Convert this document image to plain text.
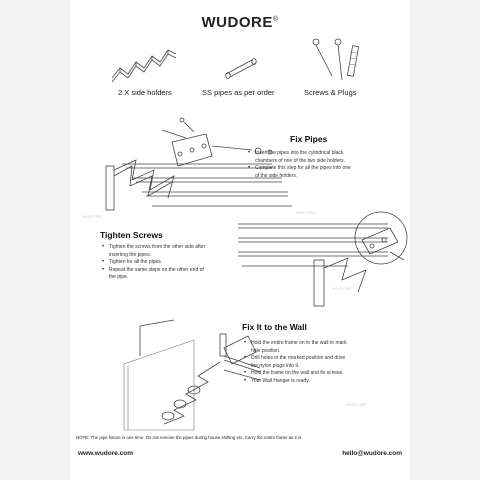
WUDORE®
2 X side holders	SS pipes as per order	Screws & Plugs
Fix Pipes
• Insert the pipes into the cylindrical black
chambers of one of the two side holders.
• Complete this step for all the pipes into one
of the side holders.
WUDORE
WUDORE
Tighten Screws
• Tighten the screws from the other side after
inserting the pipes.
• Tighten for all the pipes.
• Repeat the same steps on the other end of
the pipe.
WUDORE
Fix It to the Wall
• Hold the entire frame on to the wall to mark
hole position.
• Drill holes in the marked position and drive
the nylon plugs into it.
• Hold the frame on the wall and fix screws.
• Your Wall Hanger is ready.
WUDORE
NOTE: The pipe fixture is one time. Do not remove the pipes during house shifting etc. Carry the entire frame as it is.
www.wudore.com	hello@wudore.com
